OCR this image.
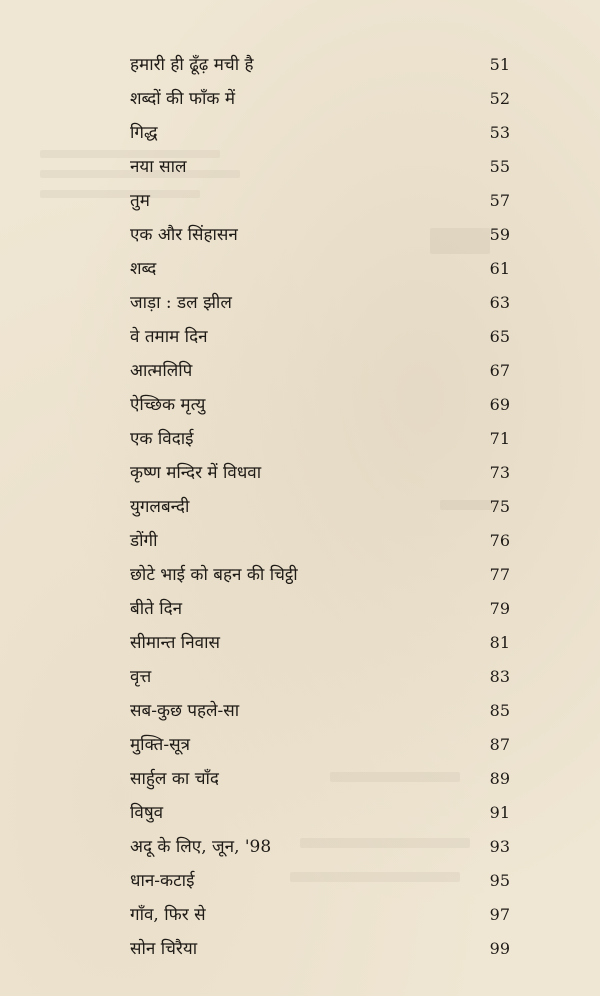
हमारी ही ढूँढ़ मची है	51
शब्दों की फाँक में	52
गिद्ध	53
नया साल	55
तुम	57
एक और सिंहासन	59
शब्द	61
जाड़ा : डल झील	63
वे तमाम दिन	65
आत्मलिपि	67
ऐच्छिक मृत्यु	69
एक विदाई	71
कृष्ण मन्दिर में विधवा	73
युगलबन्दी	75
डोंगी	76
छोटे भाई को बहन की चिट्ठी	77
बीते दिन	79
सीमान्त निवास	81
वृत्त	83
सब-कुछ पहले-सा	85
मुक्ति-सूत्र	87
सार्हुल का चाँद	89
विषुव	91
अदू के लिए, जून, '98	93
धान-कटाई	95
गाँव, फिर से	97
सोन चिरैया	99
